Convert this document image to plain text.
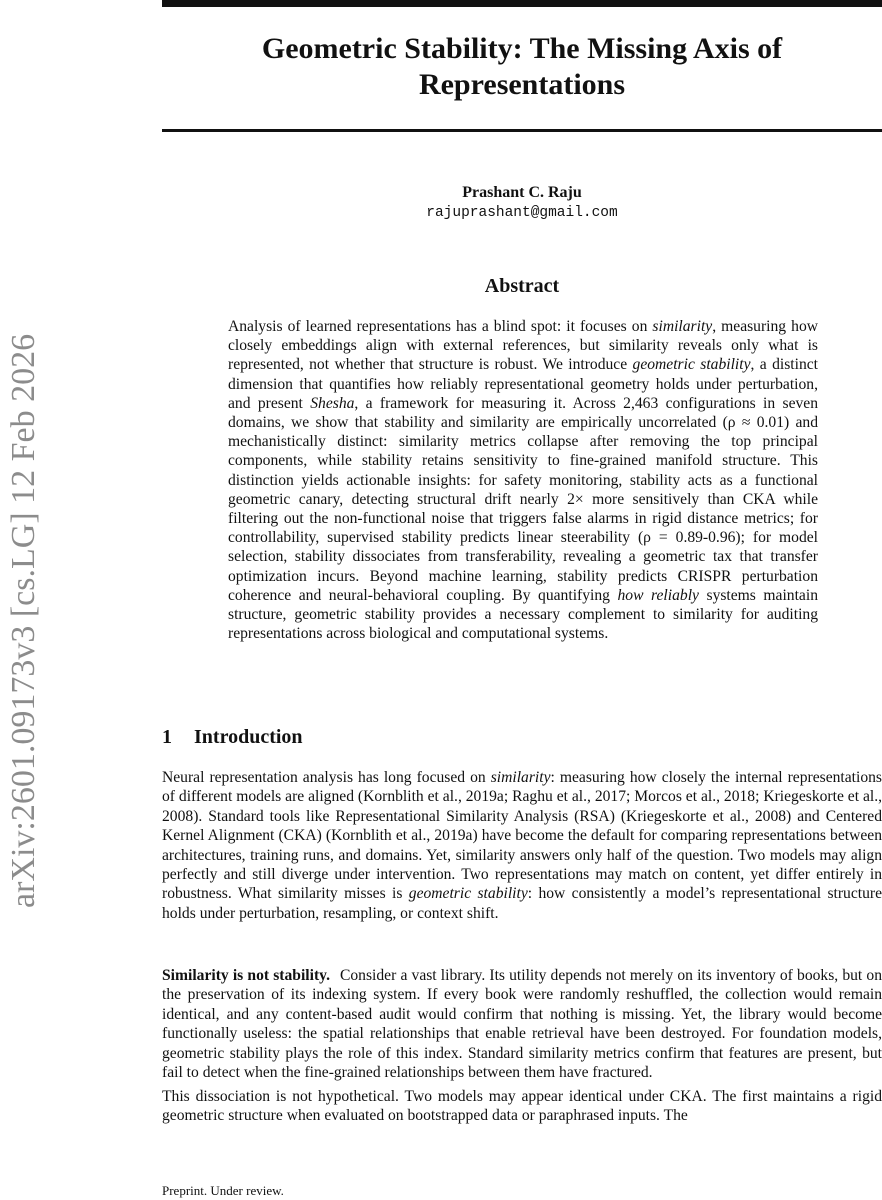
arXiv:2601.09173v3 [cs.LG] 12 Feb 2026
Geometric Stability: The Missing Axis of
Representations
Prashant C. Raju
rajuprashant@gmail.com
Abstract

Analysis of learned representations has a blind spot: it focuses on similarity, measuring how closely embeddings align with external references, but similarity reveals only what is represented, not whether that structure is robust. We introduce geometric stability, a distinct dimension that quantifies how reliably representational geometry holds under perturbation, and present Shesha, a framework for measuring it. Across 2,463 configurations in seven domains, we show that stability and similarity are empirically uncorrelated (ρ ≈ 0.01) and mechanistically distinct: similarity metrics collapse after removing the top principal components, while stability retains sensitivity to fine-grained manifold structure. This distinction yields actionable insights: for safety monitoring, stability acts as a functional geometric canary, detecting structural drift nearly 2× more sensitively than CKA while filtering out the non-functional noise that triggers false alarms in rigid distance metrics; for controllability, supervised stability predicts linear steerability (ρ = 0.89-0.96); for model selection, stability dissociates from transferability, revealing a geometric tax that transfer optimization incurs. Beyond machine learning, stability predicts CRISPR perturbation coherence and neural-behavioral coupling. By quantifying how reliably systems maintain structure, geometric stability provides a necessary complement to similarity for auditing representations across biological and computational systems.

1 Introduction

Neural representation analysis has long focused on similarity: measuring how closely the internal representations of different models are aligned (Kornblith et al., 2019a; Raghu et al., 2017; Morcos et al., 2018; Kriegeskorte et al., 2008). Standard tools like Representational Similarity Analysis (RSA) (Kriegeskorte et al., 2008) and Centered Kernel Alignment (CKA) (Kornblith et al., 2019a) have become the default for comparing representations between architectures, training runs, and domains. Yet, similarity answers only half of the question. Two models may align perfectly and still diverge under intervention. Two representations may match on content, yet differ entirely in robustness. What similarity misses is geometric stability: how consistently a model’s representational structure holds under perturbation, resampling, or context shift.

Similarity is not stability. Consider a vast library. Its utility depends not merely on its inventory of books, but on the preservation of its indexing system. If every book were randomly reshuffled, the collection would remain identical, and any content-based audit would confirm that nothing is missing. Yet, the library would become functionally useless: the spatial relationships that enable retrieval have been destroyed. For foundation models, geometric stability plays the role of this index. Standard similarity metrics confirm that features are present, but fail to detect when the fine-grained relationships between them have fractured.

This dissociation is not hypothetical. Two models may appear identical under CKA. The first maintains a rigid geometric structure when evaluated on bootstrapped data or paraphrased inputs. The

Preprint. Under review.
